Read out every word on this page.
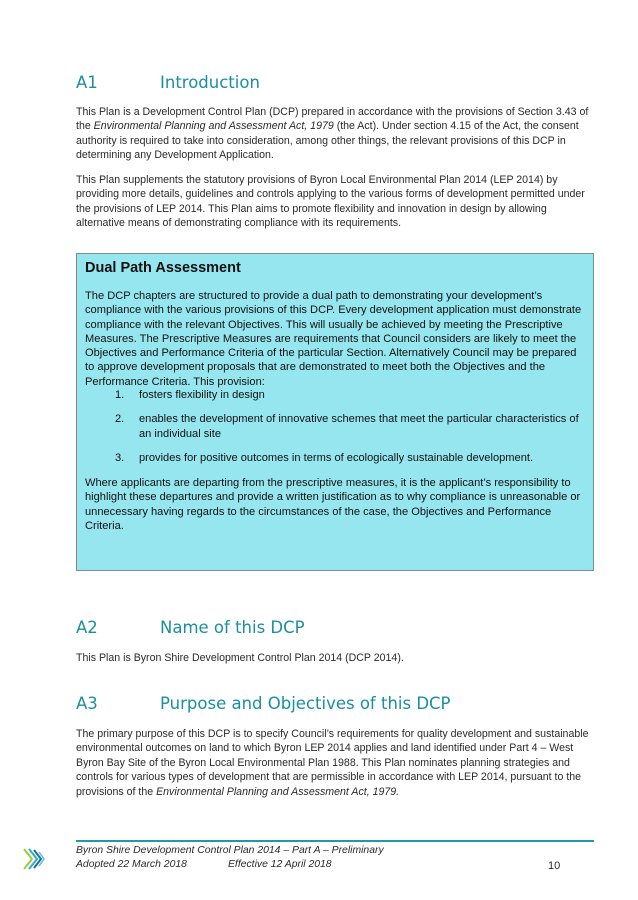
A1	Introduction

This Plan is a Development Control Plan (DCP) prepared in accordance with the provisions of Section 3.43 of the Environmental Planning and Assessment Act, 1979 (the Act). Under section 4.15 of the Act, the consent authority is required to take into consideration, among other things, the relevant provisions of this DCP in determining any Development Application.

This Plan supplements the statutory provisions of Byron Local Environmental Plan 2014 (LEP 2014) by providing more details, guidelines and controls applying to the various forms of development permitted under the provisions of LEP 2014. This Plan aims to promote flexibility and innovation in design by allowing alternative means of demonstrating compliance with its requirements.

Dual Path Assessment

The DCP chapters are structured to provide a dual path to demonstrating your development’s compliance with the various provisions of this DCP. Every development application must demonstrate compliance with the relevant Objectives. This will usually be achieved by meeting the Prescriptive Measures. The Prescriptive Measures are requirements that Council considers are likely to meet the Objectives and Performance Criteria of the particular Section. Alternatively Council may be prepared to approve development proposals that are demonstrated to meet both the Objectives and the Performance Criteria. This provision:

1. fosters flexibility in design
2. enables the development of innovative schemes that meet the particular characteristics of an individual site
3. provides for positive outcomes in terms of ecologically sustainable development.

Where applicants are departing from the prescriptive measures, it is the applicant’s responsibility to highlight these departures and provide a written justification as to why compliance is unreasonable or unnecessary having regards to the circumstances of the case, the Objectives and Performance Criteria.

A2	Name of this DCP

This Plan is Byron Shire Development Control Plan 2014 (DCP 2014).

A3	Purpose and Objectives of this DCP

The primary purpose of this DCP is to specify Council’s requirements for quality development and sustainable environmental outcomes on land to which Byron LEP 2014 applies and land identified under Part 4 – West Byron Bay Site of the Byron Local Environmental Plan 1988. This Plan nominates planning strategies and controls for various types of development that are permissible in accordance with LEP 2014, pursuant to the provisions of the Environmental Planning and Assessment Act, 1979.

Byron Shire Development Control Plan 2014 – Part A – Preliminary
Adopted 22 March 2018	Effective 12 April 2018	10
